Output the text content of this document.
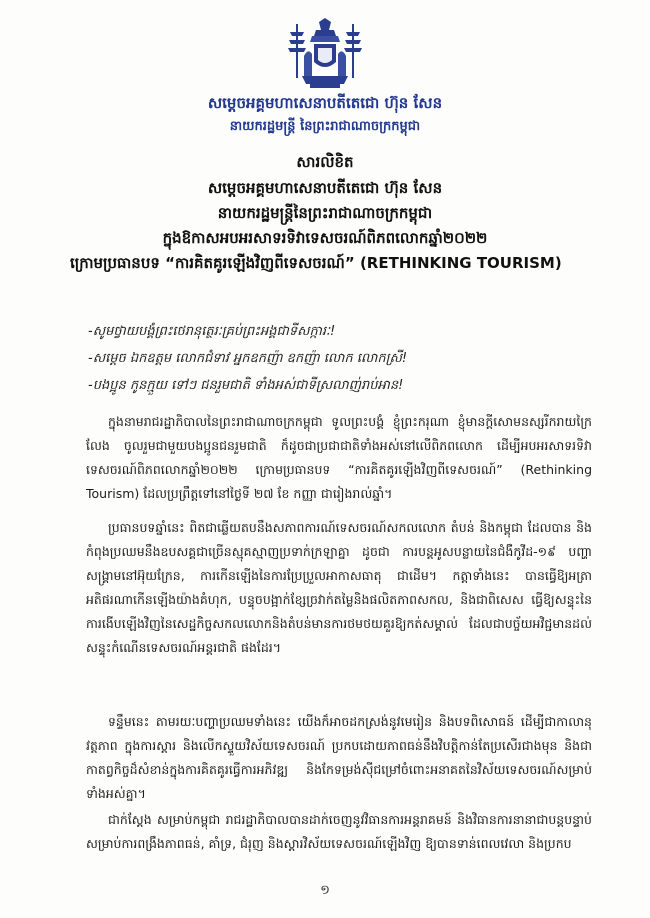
សម្តេចអគ្គមហាសេនាបតីតេជោ ហ៊ុន សែន
នាយករដ្ឋមន្ត្រី នៃព្រះរាជាណាចក្រកម្ពុជា
សារលិខិត
សម្តេចអគ្គមហាសេនាបតីតេជោ ហ៊ុន សែន
នាយករដ្ឋមន្ត្រីនៃព្រះរាជាណាចក្រកម្ពុជា
ក្នុងឱកាសអបអរសាទរទិវាទេសចរណ៍ពិភពលោកឆ្នាំ២០២២
ក្រោមប្រធានបទ “ការគិតគូរឡើងវិញពីទេសចរណ៍” (RETHINKING TOURISM)
-សូមថ្វាយបង្គំព្រះថេរានុត្ថេរៈគ្រប់ព្រះអង្គជាទីសក្ការៈ!
-សម្តេច ឯកឧត្តម លោកជំទាវ អ្នកឧកញ៉ា ឧកញ៉ា លោក លោកស្រី!
-បងប្អូន កូនក្មួយ ទៅៗ ជនរួមជាតិ ទាំងអស់ជាទីស្រលាញ់រាប់អាន!

ក្នុងនាមរាជរដ្ឋាភិបាលនៃព្រះរាជាណាចក្រកម្ពុជា ទូលព្រះបង្គំ ខ្ញុំព្រះករុណា ខ្ញុំមានក្តីសោមនស្សរីករាយក្រៃលែង ចូលរួមជាមួយបងប្អូនជនរួមជាតិ ក៏ដូចជាប្រជាជាតិទាំងអស់នៅលើពិភពលោក ដើម្បីអបអរសាទរទិវាទេសចរណ៍ពិភពលោកឆ្នាំ២០២២ ក្រោមប្រធានបទ “ការគិតគូរឡើងវិញពីទេសចរណ៍” (Rethinking Tourism) ដែលប្រព្រឹត្តទៅនៅថ្ងៃទី ២៧ ខែ កញ្ញា ជារៀងរាល់ឆ្នាំ។

ប្រធានបទឆ្នាំនេះ ពិតជាឆ្លើយតបនឹងសភាពការណ៍ទេសចរណ៍សកលលោក តំបន់ និងកម្ពុជា ដែលបាន និងកំពុងប្រឈមនឹងឧបសគ្គជាច្រើនស្មុគស្មាញប្រទាក់ក្រឡាគ្នា ដូចជា ការបន្តអូសបន្លាយនៃជំងឺកូវីដ-១៩ បញ្ហាសង្គ្រាមនៅអ៊ុយក្រែន, ការកើនឡើងនៃការប្រែប្រួលអាកាសធាតុ ជាដើម។ កត្តាទាំងនេះ បានធ្វើឱ្យអត្រាអតិផរណាកើនឡើងយ៉ាងគំហុក, បន្ទុចបង្អាក់ខ្សែច្រវាក់តម្លៃនិងផលិតភាពសកល, និងជាពិសេស ធ្វើឱ្យសន្ទុះនៃការងើបឡើងវិញនៃសេដ្ឋកិច្ចសកលលោកនិងតំបន់មានការថមថយគួរឱ្យកត់សម្គាល់ ដែលជាបច្ច័យអវិជ្ជមានដល់សន្ទុះកំណើនទេសចរណ៍អន្តរជាតិ ផងដែរ។

ទន្ទឹមនេះ តាមរយៈបញ្ហាប្រឈមទាំងនេះ យើងក៏អាចដកស្រង់នូវមេរៀន និងបទពិសោធន៍ ដើម្បីជាកាលានុវត្តភាព ក្នុងការស្តារ និងលើកស្ទួយវិស័យទេសចរណ៍ ប្រកបដោយភាពធន់នឹងវិបត្តិកាន់តែប្រសើរជាងមុន និងជាកាតព្វកិច្ចដ៏សំខាន់ក្នុងការគិតគូរធ្វើការអភិវឌ្ឍ និងកែទម្រង់ស៊ីជម្រៅចំពោះអនាគតនៃវិស័យទេសចរណ៍សម្រាប់ទាំងអស់គ្នា។

ជាក់ស្តែង សម្រាប់កម្ពុជា រាជរដ្ឋាភិបាលបានដាក់ចេញនូវវិធានការអន្តរាគមន៍ និងវិធានការនានាជាបន្តបន្ទាប់ សម្រាប់ការពង្រឹងភាពធន់, គាំទ្រ, ជំរុញ និងស្តារវិស័យទេសចរណ៍ឡើងវិញ ឱ្យបានទាន់ពេលវេលា និងប្រកប

១
